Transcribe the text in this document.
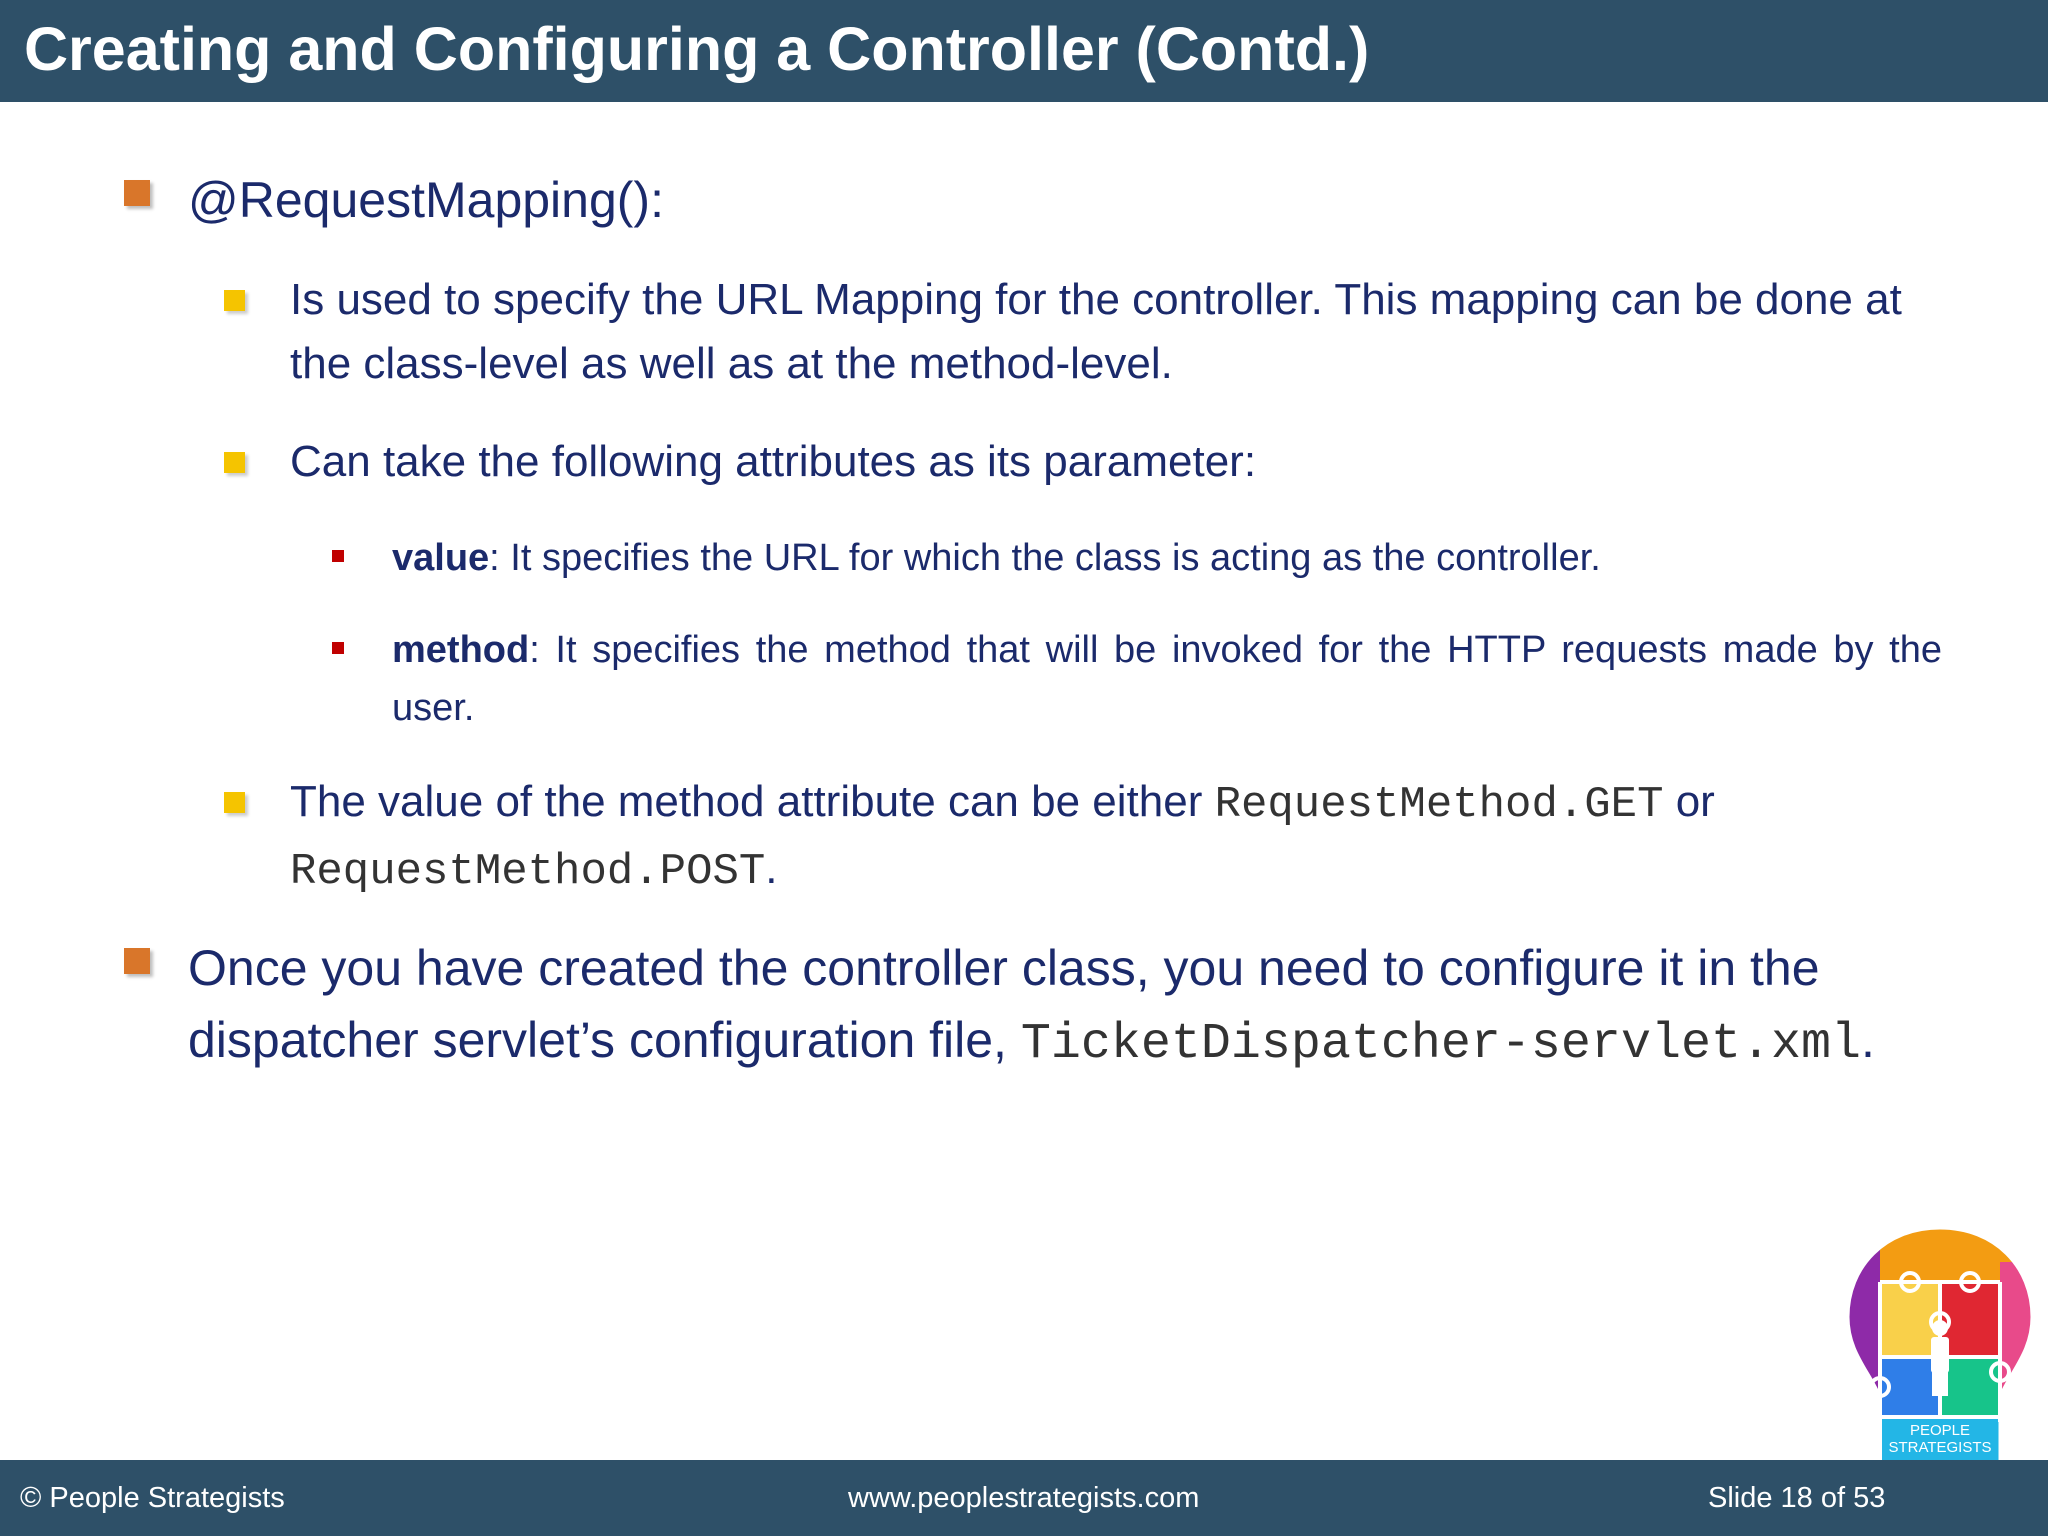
Creating and Configuring a Controller (Contd.)
@RequestMapping():
Is used to specify the URL Mapping for the controller. This mapping can be done at the class-level as well as at the method-level.
Can take the following attributes as its parameter:
value: It specifies the URL for which the class is acting as the controller.
method: It specifies the method that will be invoked for the HTTP requests made by the user.
The value of the method attribute can be either RequestMethod.GET or RequestMethod.POST.
Once you have created the controller class, you need to configure it in the dispatcher servlet’s configuration file, TicketDispatcher-servlet.xml.
PEOPLE
STRATEGISTS
© People Strategists	www.peoplestrategists.com	Slide 18 of 53
